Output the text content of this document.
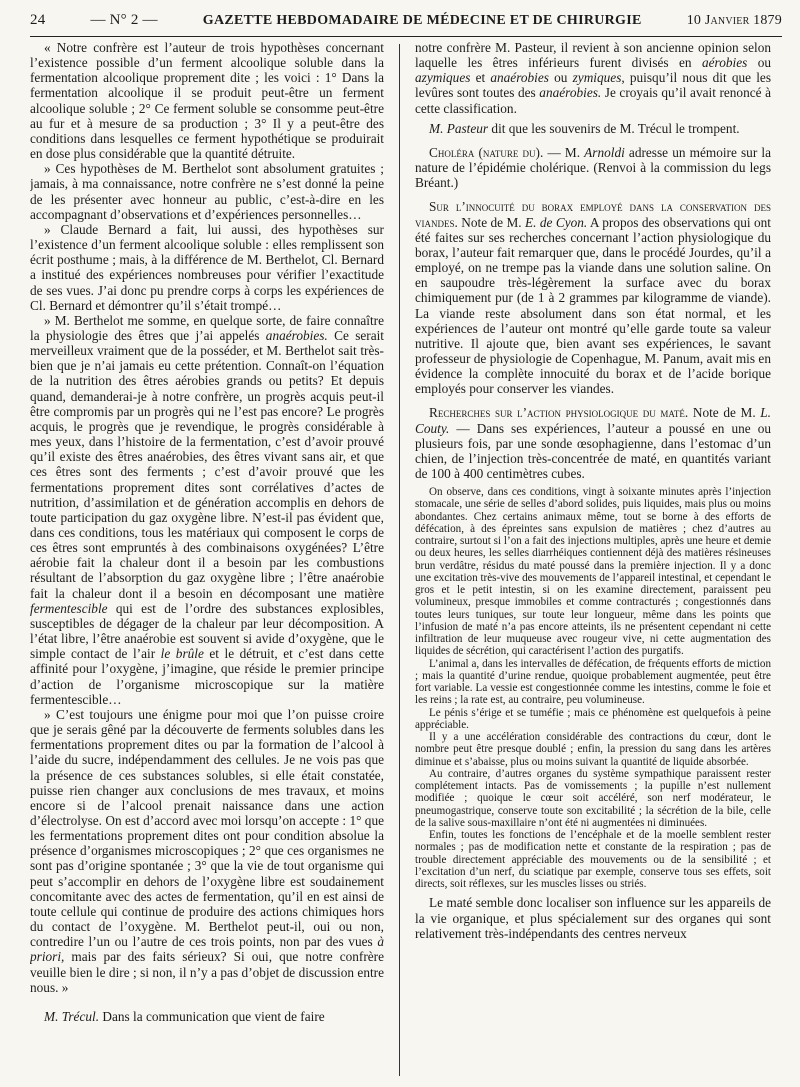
24	— N° 2 —	GAZETTE HEBDOMADAIRE DE MÉDECINE ET DE CHIRURGIE	10 Janvier 1879

« Notre confrère est l’auteur de trois hypothèses concernant l’existence possible d’un ferment alcoolique soluble dans la fermentation alcoolique proprement dite ; les voici : 1° Dans la fermentation alcoolique il se produit peut-être un ferment alcoolique soluble ; 2° Ce ferment soluble se consomme peut-être au fur et à mesure de sa production ; 3° Il y a peut-être des conditions dans lesquelles ce ferment hypothétique se produirait en dose plus considérable que la quantité détruite.

» Ces hypothèses de M. Berthelot sont absolument gratuites ; jamais, à ma connaissance, notre confrère ne s’est donné la peine de les présenter avec honneur au public, c’est-à-dire en les accompagnant d’observations et d’expériences personnelles…

» Claude Bernard a fait, lui aussi, des hypothèses sur l’existence d’un ferment alcoolique soluble : elles remplissent son écrit posthume ; mais, à la différence de M. Berthelot, Cl. Bernard a institué des expériences nombreuses pour vérifier l’exactitude de ses vues. J’ai donc pu prendre corps à corps les expériences de Cl. Bernard et démontrer qu’il s’était trompé…

» M. Berthelot me somme, en quelque sorte, de faire connaître la physiologie des êtres que j’ai appelés anaérobies. Ce serait merveilleux vraiment que de la posséder, et M. Berthelot sait très-bien que je n’ai jamais eu cette prétention. Connaît-on l’équation de la nutrition des êtres aérobies grands ou petits? Et depuis quand, demanderai-je à notre confrère, un progrès acquis peut-il être compromis par un progrès qui ne l’est pas encore? Le progrès acquis, le progrès que je revendique, le progrès considérable à mes yeux, dans l’histoire de la fermentation, c’est d’avoir prouvé qu’il existe des êtres anaérobies, des êtres vivant sans air, et que ces êtres sont des ferments ; c’est d’avoir prouvé que les fermentations proprement dites sont corrélatives d’actes de nutrition, d’assimilation et de génération accomplis en dehors de toute participation du gaz oxygène libre. N’est-il pas évident que, dans ces conditions, tous les matériaux qui composent le corps de ces êtres sont empruntés à des combinaisons oxygénées? L’être aérobie fait la chaleur dont il a besoin par les combustions résultant de l’absorption du gaz oxygène libre ; l’être anaérobie fait la chaleur dont il a besoin en décomposant une matière fermentescible qui est de l’ordre des substances explosibles, susceptibles de dégager de la chaleur par leur décomposition. A l’état libre, l’être anaérobie est souvent si avide d’oxygène, que le simple contact de l’air le brûle et le détruit, et c’est dans cette affinité pour l’oxygène, j’imagine, que réside le premier principe d’action de l’organisme microscopique sur la matière fermentescible…

» C’est toujours une énigme pour moi que l’on puisse croire que je serais gêné par la découverte de ferments solubles dans les fermentations proprement dites ou par la formation de l’alcool à l’aide du sucre, indépendamment des cellules. Je ne vois pas que la présence de ces substances solubles, si elle était constatée, puisse rien changer aux conclusions de mes travaux, et moins encore si de l’alcool prenait naissance dans une action d’électrolyse. On est d’accord avec moi lorsqu’on accepte : 1° que les fermentations proprement dites ont pour condition absolue la présence d’organismes microscopiques ; 2° que ces organismes ne sont pas d’origine spontanée ; 3° que la vie de tout organisme qui peut s’accomplir en dehors de l’oxygène libre est soudainement concomitante avec des actes de fermentation, qu’il en est ainsi de toute cellule qui continue de produire des actions chimiques hors du contact de l’oxygène. M. Berthelot peut-il, oui ou non, contredire l’un ou l’autre de ces trois points, non par des vues à priori, mais par des faits sérieux? Si oui, que notre confrère veuille bien le dire ; si non, il n’y a pas d’objet de discussion entre nous. »

M. Trécul. Dans la communication que vient de faire

notre confrère M. Pasteur, il revient à son ancienne opinion selon laquelle les êtres inférieurs furent divisés en aérobies ou azymiques et anaérobies ou zymiques, puisqu’il nous dit que les levûres sont toutes des anaérobies. Je croyais qu’il avait renoncé à cette classification.

M. Pasteur dit que les souvenirs de M. Trécul le trompent.

Choléra (nature du). — M. Arnoldi adresse un mémoire sur la nature de l’épidémie cholérique. (Renvoi à la commission du legs Bréant.)

Sur l’innocuité du borax employé dans la conservation des viandes. Note de M. E. de Cyon. A propos des observations qui ont été faites sur ses recherches concernant l’action physiologique du borax, l’auteur fait remarquer que, dans le procédé Jourdes, qu’il a employé, on ne trempe pas la viande dans une solution saline. On en saupoudre très-légèrement la surface avec du borax chimiquement pur (de 1 à 2 grammes par kilogramme de viande). La viande reste absolument dans son état normal, et les expériences de l’auteur ont montré qu’elle garde toute sa valeur nutritive. Il ajoute que, bien avant ses expériences, le savant professeur de physiologie de Copenhague, M. Panum, avait mis en évidence la complète innocuité du borax et de l’acide borique employés pour conserver les viandes.

Recherches sur l’action physiologique du maté. Note de M. L. Couty. — Dans ses expériences, l’auteur a poussé en une ou plusieurs fois, par une sonde œsophagienne, dans l’estomac d’un chien, de l’injection très-concentrée de maté, en quantités variant de 100 à 400 centimètres cubes.

On observe, dans ces conditions, vingt à soixante minutes après l’injection stomacale, une série de selles d’abord solides, puis liquides, mais plus ou moins abondantes. Chez certains animaux même, tout se borne à des efforts de défécation, à des épreintes sans expulsion de matières ; chez d’autres au contraire, surtout si l’on a fait des injections multiples, après une heure et demie ou deux heures, les selles diarrhéiques contiennent déjà des matières résineuses brun verdâtre, résidus du maté poussé dans la première injection. Il y a donc une excitation très-vive des mouvements de l’appareil intestinal, et cependant le gros et le petit intestin, si on les examine directement, paraissent peu volumineux, presque immobiles et comme contracturés ; congestionnés dans toutes leurs tuniques, sur toute leur longueur, même dans les points que l’infusion de maté n’a pas encore atteints, ils ne présentent cependant ni cette infiltration de leur muqueuse avec rougeur vive, ni cette augmentation des liquides de sécrétion, qui caractérisent l’action des purgatifs.

L’animal a, dans les intervalles de défécation, de fréquents efforts de miction ; mais la quantité d’urine rendue, quoique probablement augmentée, peut être fort variable. La vessie est congestionnée comme les intestins, comme le foie et les reins ; la rate est, au contraire, peu volumineuse.

Le pénis s’érige et se tuméfie ; mais ce phénomène est quelquefois à peine appréciable.

Il y a une accélération considérable des contractions du cœur, dont le nombre peut être presque doublé ; enfin, la pression du sang dans les artères diminue et s’abaisse, plus ou moins suivant la quantité de liquide absorbée.

Au contraire, d’autres organes du système sympathique paraissent rester complétement intacts. Pas de vomissements ; la pupille n’est nullement modifiée ; quoique le cœur soit accéléré, son nerf modérateur, le pneumogastrique, conserve toute son excitabilité ; la sécrétion de la bile, celle de la salive sous-maxillaire n’ont été ni augmentées ni diminuées.

Enfin, toutes les fonctions de l’encéphale et de la moelle semblent rester normales ; pas de modification nette et constante de la respiration ; pas de trouble directement appréciable des mouvements ou de la sensibilité ; et l’excitation d’un nerf, du sciatique par exemple, conserve tous ses effets, soit directs, soit réflexes, sur les muscles lisses ou striés.

Le maté semble donc localiser son influence sur les appareils de la vie organique, et plus spécialement sur des organes qui sont relativement très-indépendants des centres nerveux
